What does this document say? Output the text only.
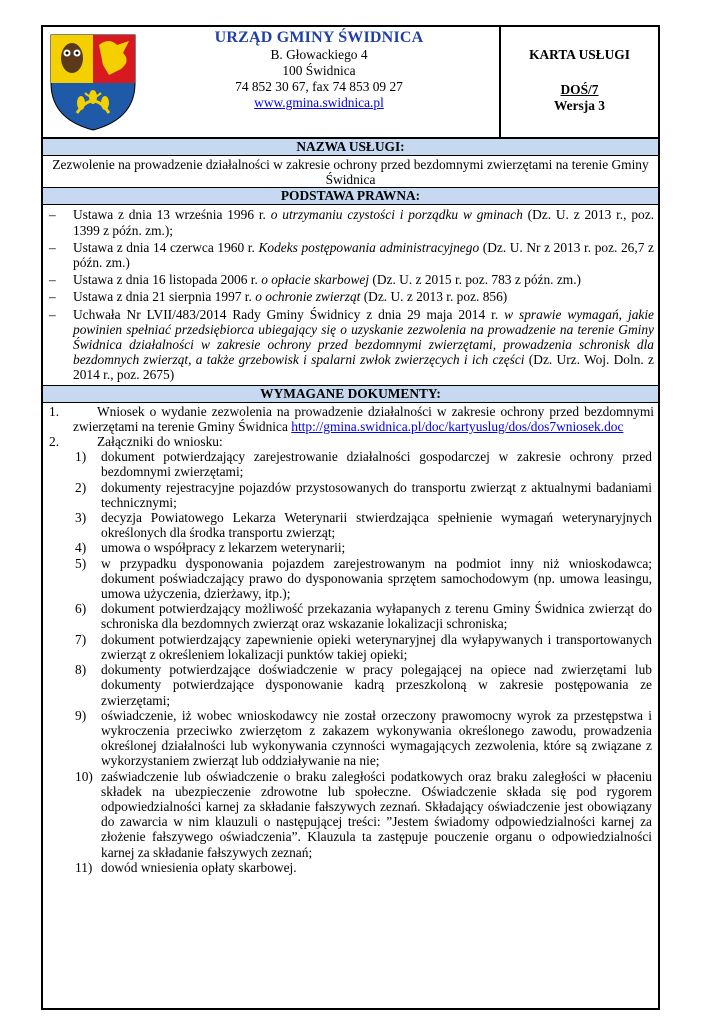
URZĄD GMINY ŚWIDNICA
B. Głowackiego 4
100 Świdnica
74 852 30 67, fax 74 853 09 27
www.gmina.swidnica.pl
KARTA USŁUGI
DOŚ/7
Wersja 3
NAZWA USŁUGI:
Zezwolenie na prowadzenie działalności w zakresie ochrony przed bezdomnymi zwierzętami na terenie Gminy Świdnica
PODSTAWA PRAWNA:
– Ustawa z dnia 13 września 1996 r. o utrzymaniu czystości i porządku w gminach (Dz. U. z 2013 r., poz. 1399 z późn. zm.);
– Ustawa z dnia 14 czerwca 1960 r. Kodeks postępowania administracyjnego (Dz. U. Nr z 2013 r. poz. 26,7 z późn. zm.)
– Ustawa z dnia 16 listopada 2006 r. o opłacie skarbowej (Dz. U. z 2015 r. poz. 783 z późn. zm.)
– Ustawa z dnia 21 sierpnia 1997 r. o ochronie zwierząt (Dz. U. z 2013 r. poz. 856)
– Uchwała Nr LVII/483/2014 Rady Gminy Świdnicy z dnia 29 maja 2014 r. w sprawie wymagań, jakie powinien spełniać przedsiębiorca ubiegający się o uzyskanie zezwolenia na prowadzenie na terenie Gminy Świdnica działalności w zakresie ochrony przed bezdomnymi zwierzętami, prowadzenia schronisk dla bezdomnych zwierząt, a także grzebowisk i spalarni zwłok zwierzęcych i ich części (Dz. Urz. Woj. Doln. z 2014 r., poz. 2675)
WYMAGANE DOKUMENTY:
1.	Wniosek o wydanie zezwolenia na prowadzenie działalności w zakresie ochrony przed bezdomnymi zwierzętami na terenie Gminy Świdnica http://gmina.swidnica.pl/doc/kartyuslug/dos/dos7wniosek.doc
2.	Załączniki do wniosku:
1) dokument potwierdzający zarejestrowanie działalności gospodarczej w zakresie ochrony przed bezdomnymi zwierzętami;
2) dokumenty rejestracyjne pojazdów przystosowanych do transportu zwierząt z aktualnymi badaniami technicznymi;
3) decyzja Powiatowego Lekarza Weterynarii stwierdzająca spełnienie wymagań weterynaryjnych określonych dla środka transportu zwierząt;
4) umowa o współpracy z lekarzem weterynarii;
5) w przypadku dysponowania pojazdem zarejestrowanym na podmiot inny niż wnioskodawca; dokument poświadczający prawo do dysponowania sprzętem samochodowym (np. umowa leasingu, umowa użyczenia, dzierżawy, itp.);
6) dokument potwierdzający możliwość przekazania wyłapanych z terenu Gminy Świdnica zwierząt do schroniska dla bezdomnych zwierząt oraz wskazanie lokalizacji schroniska;
7) dokument potwierdzający zapewnienie opieki weterynaryjnej dla wyłapywanych i transportowanych zwierząt z określeniem lokalizacji punktów takiej opieki;
8) dokumenty potwierdzające doświadczenie w pracy polegającej na opiece nad zwierzętami lub dokumenty potwierdzające dysponowanie kadrą przeszkoloną w zakresie postępowania ze zwierzętami;
9) oświadczenie, iż wobec wnioskodawcy nie został orzeczony prawomocny wyrok za przestępstwa i wykroczenia przeciwko zwierzętom z zakazem wykonywania określonego zawodu, prowadzenia określonej działalności lub wykonywania czynności wymagających zezwolenia, które są związane z wykorzystaniem zwierząt lub oddziaływanie na nie;
10) zaświadczenie lub oświadczenie o braku zaległości podatkowych oraz braku zaległości w płaceniu składek na ubezpieczenie zdrowotne lub społeczne. Oświadczenie składa się pod rygorem odpowiedzialności karnej za składanie fałszywych zeznań. Składający oświadczenie jest obowiązany do zawarcia w nim klauzuli o następującej treści: ”Jestem świadomy odpowiedzialności karnej za złożenie fałszywego oświadczenia”. Klauzula ta zastępuje pouczenie organu o odpowiedzialności karnej za składanie fałszywych zeznań;
11) dowód wniesienia opłaty skarbowej.
